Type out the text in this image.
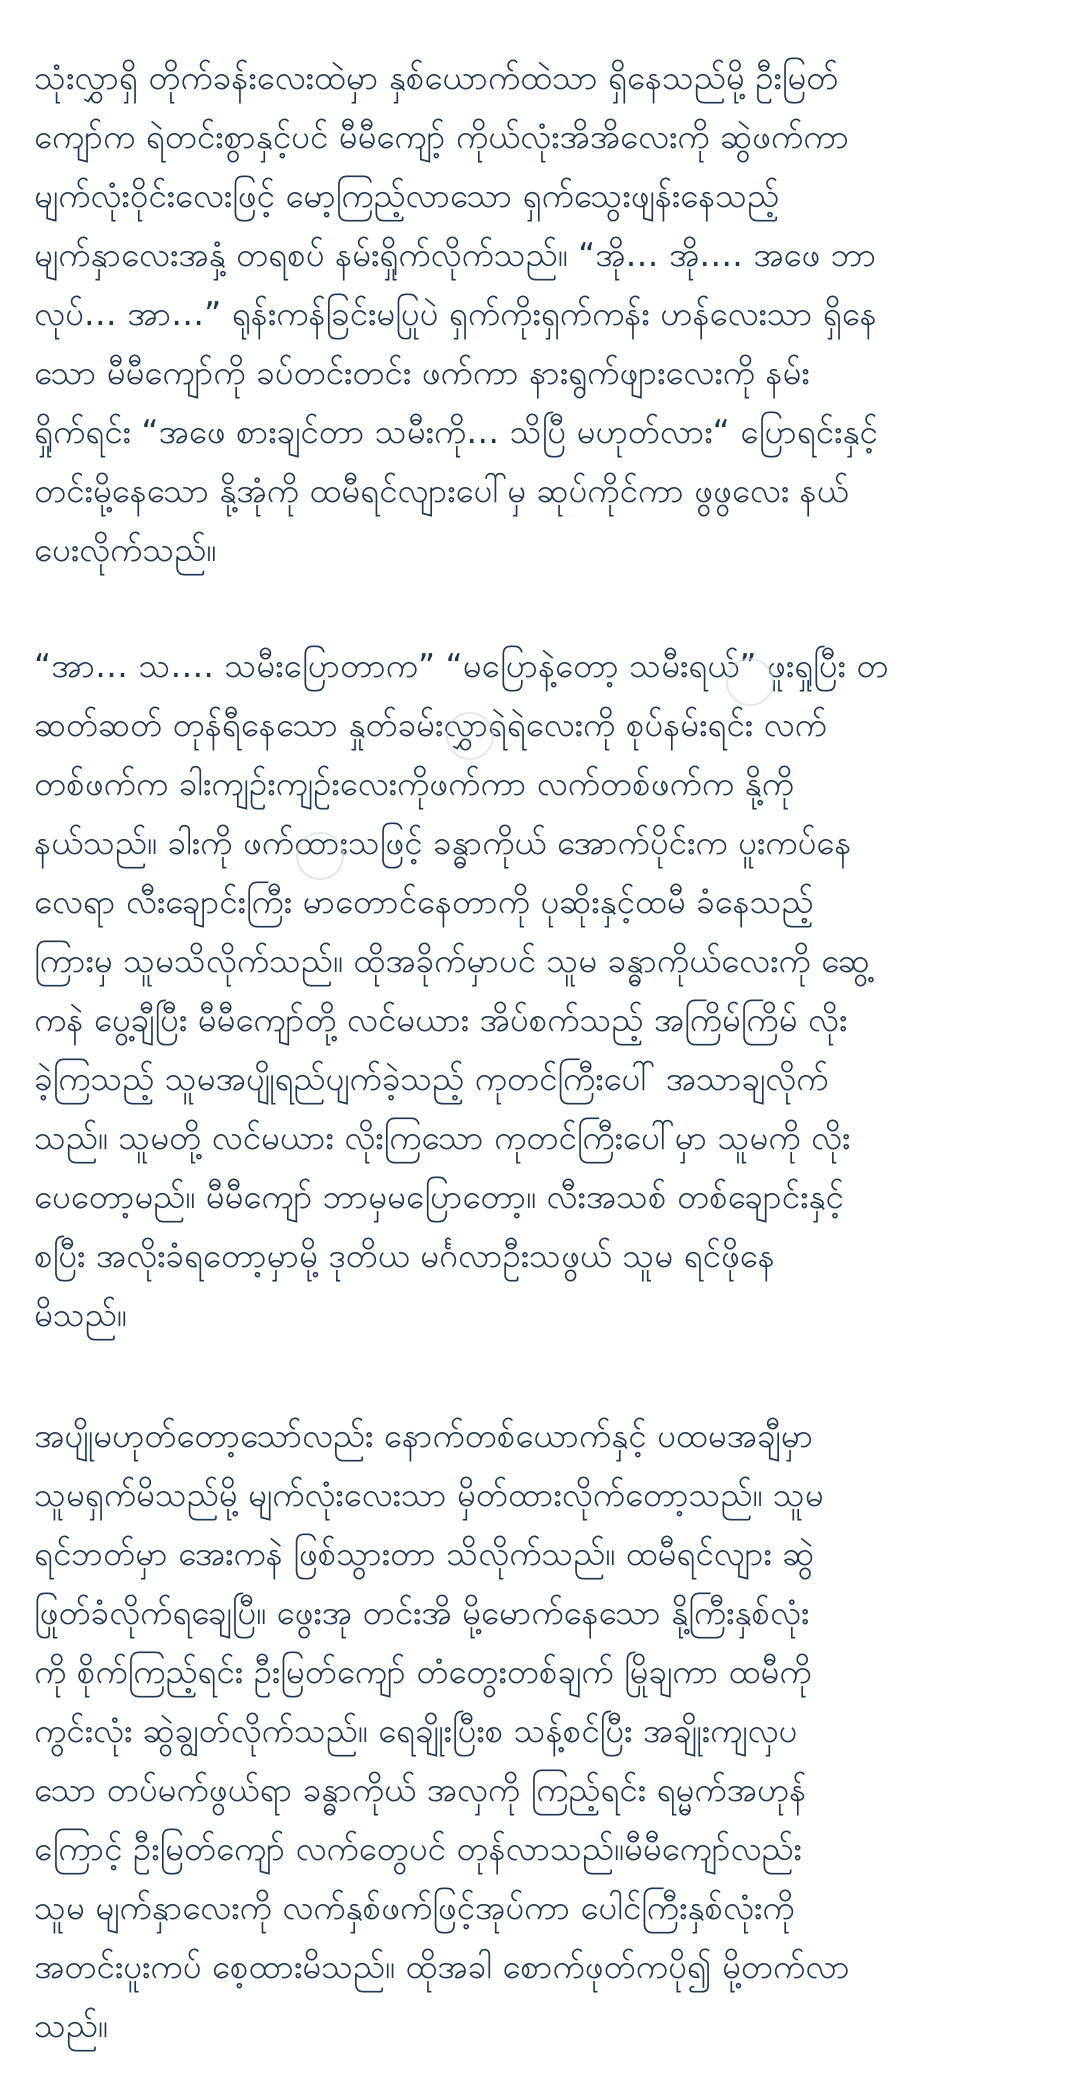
သုံးလွှာရှိ တိုက်ခန်းလေးထဲမှာ နှစ်ယောက်ထဲသာ ရှိနေသည်မို့ ဦးမြတ်
ကျော်က ရဲတင်းစွာနှင့်ပင် မီမီကျော့် ကိုယ်လုံးအိအိလေးကို ဆွဲဖက်ကာ
မျက်လုံးဝိုင်းလေးဖြင့် မော့ကြည့်လာသော ရှက်သွေးဖျန်းနေသည့်
မျက်နှာလေးအနှံ့ တရစပ် နမ်းရှိုက်လိုက်သည်။ “အို… အို…. အဖေ ဘာ
လုပ်… အာ…” ရုန်းကန်ခြင်းမပြုပဲ ရှက်ကိုးရှက်ကန်း ဟန်လေးသာ ရှိနေ
သော မီမီကျော်ကို ခပ်တင်းတင်း ဖက်ကာ နားရွက်ဖျားလေးကို နမ်း
ရှိုက်ရင်း “အဖေ စားချင်တာ သမီးကို… သိပြီ မဟုတ်လား“ ပြောရင်းနှင့်
တင်းမို့နေသော နို့အုံကို ထမီရင်လျားပေါ်မှ ဆုပ်ကိုင်ကာ ဖွဖွလေး နယ်
ပေးလိုက်သည်။
“အာ… သ…. သမီးပြောတာက” “မပြောနဲ့တော့ သမီးရယ်” ဖူးရှုပြီး တ
ဆတ်ဆတ် တုန်ရီနေသော နှုတ်ခမ်းလွှာရဲရဲလေးကို စုပ်နမ်းရင်း လက်
တစ်ဖက်က ခါးကျဉ်းကျဉ်းလေးကိုဖက်ကာ လက်တစ်ဖက်က နို့ကို
နယ်သည်။ ခါးကို ဖက်ထားသဖြင့် ခန္ဓာကိုယ် အောက်ပိုင်းက ပူးကပ်နေ
လေရာ လီးချောင်းကြီး မာတောင်နေတာကို ပုဆိုးနှင့်ထမီ ခံနေသည့်
ကြားမှ သူမသိလိုက်သည်။ ထိုအခိုက်မှာပင် သူမ ခန္ဓာကိုယ်လေးကို ဆွေ့
ကနဲ ပွေ့ချီပြီး မီမီကျော်တို့ လင်မယား အိပ်စက်သည့် အကြိမ်ကြိမ် လိုး
ခဲ့ကြသည့် သူမအပျိုရည်ပျက်ခဲ့သည့် ကုတင်ကြီးပေါ် အသာချလိုက်
သည်။ သူမတို့ လင်မယား လိုးကြသော ကုတင်ကြီးပေါ်မှာ သူမကို လိုး
ပေတော့မည်။ မီမီကျော် ဘာမှမပြောတော့။ လီးအသစ် တစ်ချောင်းနှင့်
စပြီး အလိုးခံရတော့မှာမို့ ဒုတိယ မင်္ဂလာဦးသဖွယ် သူမ ရင်ဖိုနေ
မိသည်။
အပျိုမဟုတ်တော့သော်လည်း နောက်တစ်ယောက်နှင့် ပထမအချီမှာ
သူမရှက်မိသည်မို့ မျက်လုံးလေးသာ မှိတ်ထားလိုက်တော့သည်။ သူမ
ရင်ဘတ်မှာ အေးကနဲ ဖြစ်သွားတာ သိလိုက်သည်။ ထမီရင်လျား ဆွဲ
ဖြုတ်ခံလိုက်ရချေပြီ။ ဖွေးအု တင်းအိ မို့မောက်နေသော နို့ကြီးနှစ်လုံး
ကို စိုက်ကြည့်ရင်း ဦးမြတ်ကျော် တံတွေးတစ်ချက် မြိုချကာ ထမီကို
ကွင်းလုံး ဆွဲချွတ်လိုက်သည်။ ရေချိုးပြီးစ သန့်စင်ပြီး အချိုးကျလှပ
သော တပ်မက်ဖွယ်ရာ ခန္ဓာကိုယ် အလှကို ကြည့်ရင်း ရမ္မက်အဟုန်
ကြောင့် ဦးမြတ်ကျော် လက်တွေပင် တုန်လာသည်။မီမီကျော်လည်း
သူမ မျက်နှာလေးကို လက်နှစ်ဖက်ဖြင့်အုပ်ကာ ပေါင်ကြီးနှစ်လုံးကို
အတင်းပူးကပ် စေ့ထားမိသည်။ ထိုအခါ စောက်ဖုတ်ကပို၍ မို့တက်လာ
သည်။
